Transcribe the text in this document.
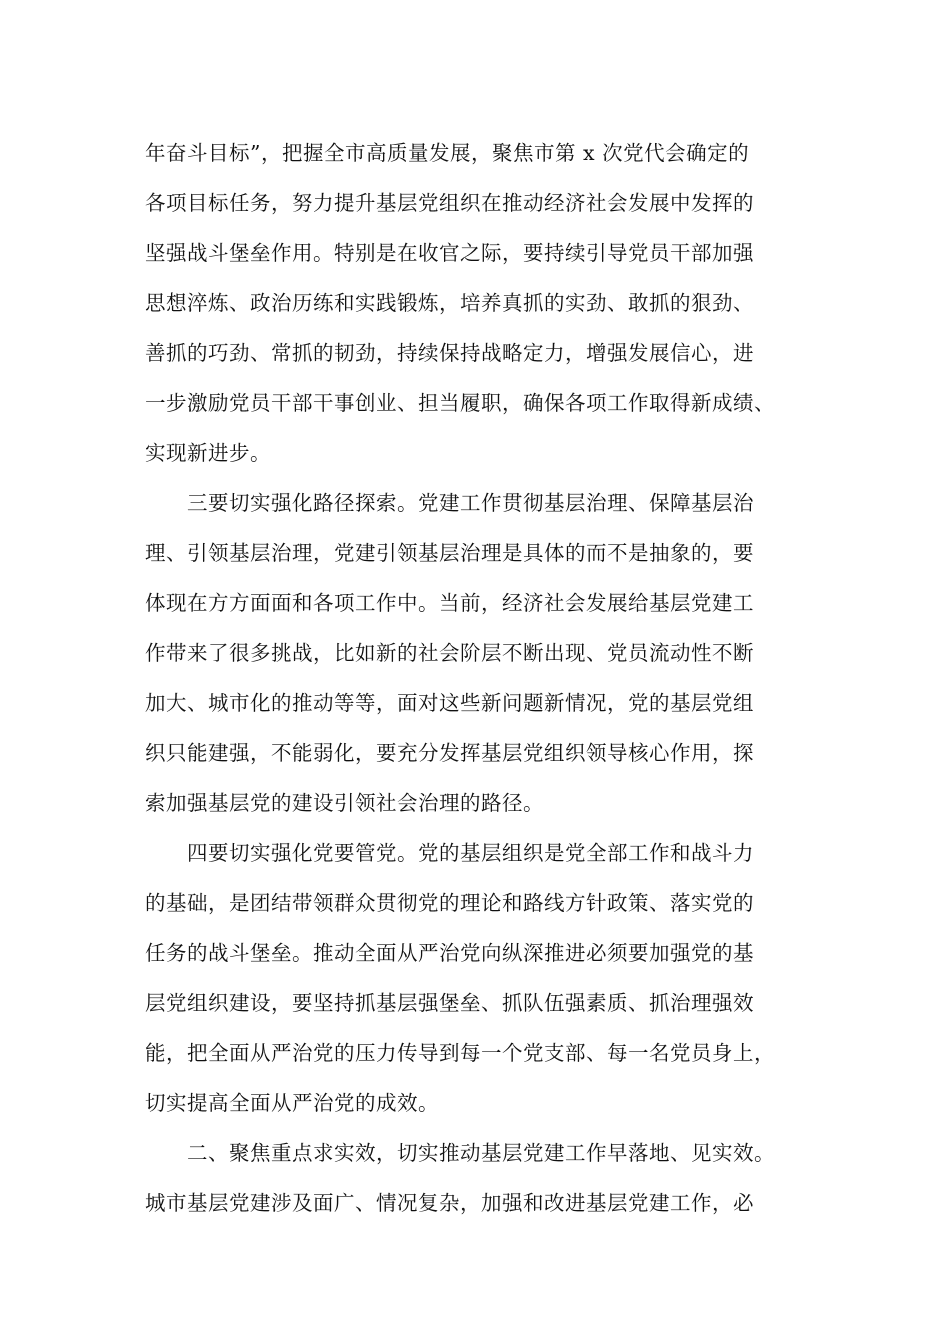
年奋斗目标”，把握全市高质量发展，聚焦市第 x 次党代会确定的
各项目标任务，努力提升基层党组织在推动经济社会发展中发挥的
坚强战斗堡垒作用。特别是在收官之际，要持续引导党员干部加强
思想淬炼、政治历练和实践锻炼，培养真抓的实劲、敢抓的狠劲、
善抓的巧劲、常抓的韧劲，持续保持战略定力，增强发展信心，进
一步激励党员干部干事创业、担当履职，确保各项工作取得新成绩、
实现新进步。
　　三要切实强化路径探索。党建工作贯彻基层治理、保障基层治
理、引领基层治理，党建引领基层治理是具体的而不是抽象的，要
体现在方方面面和各项工作中。当前，经济社会发展给基层党建工
作带来了很多挑战，比如新的社会阶层不断出现、党员流动性不断
加大、城市化的推动等等，面对这些新问题新情况，党的基层党组
织只能建强，不能弱化，要充分发挥基层党组织领导核心作用，探
索加强基层党的建设引领社会治理的路径。
　　四要切实强化党要管党。党的基层组织是党全部工作和战斗力
的基础，是团结带领群众贯彻党的理论和路线方针政策、落实党的
任务的战斗堡垒。推动全面从严治党向纵深推进必须要加强党的基
层党组织建设，要坚持抓基层强堡垒、抓队伍强素质、抓治理强效
能，把全面从严治党的压力传导到每一个党支部、每一名党员身上，
切实提高全面从严治党的成效。
　　二、聚焦重点求实效，切实推动基层党建工作早落地、见实效。
城市基层党建涉及面广、情况复杂，加强和改进基层党建工作，必
